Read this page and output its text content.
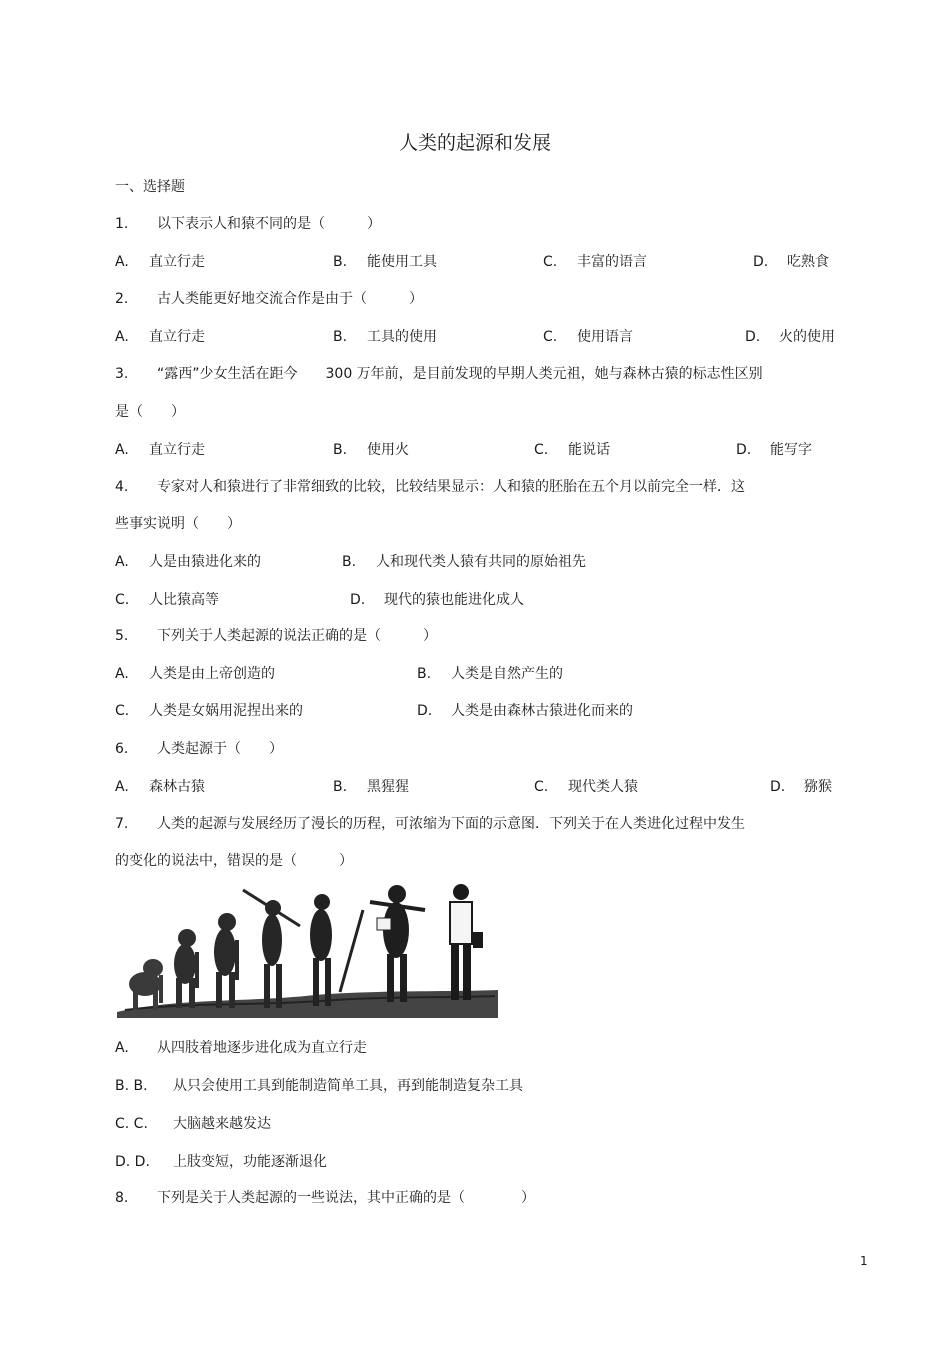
人类的起源和发展
一、选择题
1. 以下表示人和猿不同的是（　　　）
A. 直立行走	B. 能使用工具	C. 丰富的语言	D. 吃熟食
2. 古人类能更好地交流合作是由于（　　　）
A. 直立行走	B. 工具的使用	C. 使用语言	D. 火的使用
3. “露西”少女生活在距今　　300 万年前，是目前发现的早期人类元祖，她与森林古猿的标志性区别
是（　　）
A. 直立行走	B. 使用火	C. 能说话	D. 能写字
4. 专家对人和猿进行了非常细致的比较，比较结果显示：人和猿的胚胎在五个月以前完全一样．这
些事实说明（　　）
A. 人是由猿进化来的	B. 人和现代类人猿有共同的原始祖先
C. 人比猿高等	D. 现代的猿也能进化成人
5. 下列关于人类起源的说法正确的是（　　　）
A. 人类是由上帝创造的	B. 人类是自然产生的
C. 人类是女娲用泥捏出来的	D. 人类是由森林古猿进化而来的
6. 人类起源于（　　）
A. 森林古猿	B. 黑猩猩	C. 现代类人猿	D. 猕猴
7. 人类的起源与发展经历了漫长的历程，可浓缩为下面的示意图．下列关于在人类进化过程中发生
的变化的说法中，错误的是（　　　）
A. 从四肢着地逐步进化成为直立行走
B. B. 从只会使用工具到能制造简单工具，再到能制造复杂工具
C. C. 大脑越来越发达
D. D. 上肢变短，功能逐渐退化
8. 下列是关于人类起源的一些说法，其中正确的是（　　　　）
1
